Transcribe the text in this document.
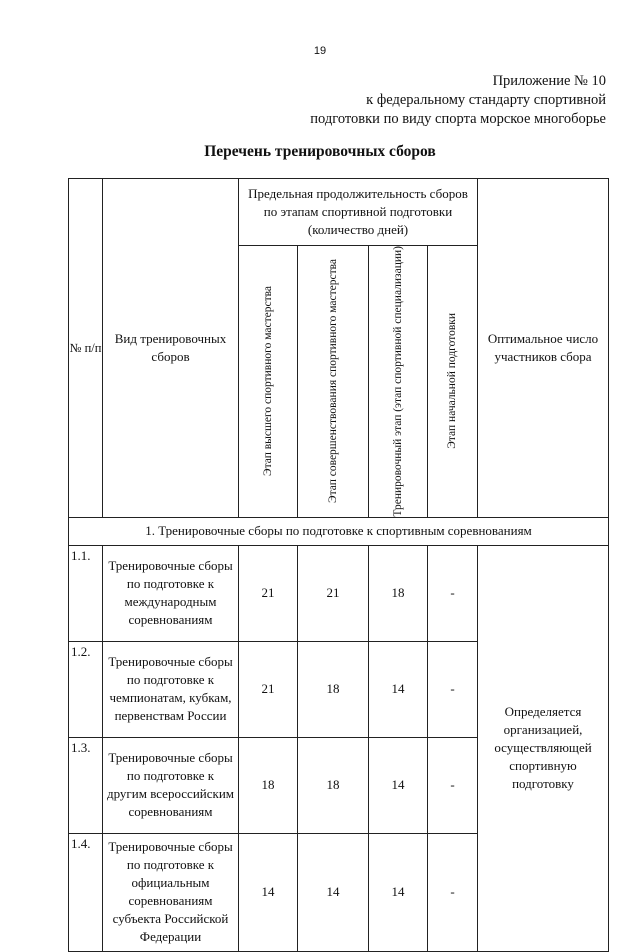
19
Приложение № 10
к федеральному стандарту спортивной
подготовки по виду спорта морское многоборье
Перечень тренировочных сборов
№ п/п	Вид тренировочных сборов	Предельная продолжительность сборов по этапам спортивной подготовки (количество дней)				Оптимальное число участников сбора

		Этап высшего спортивного мастерства	Этап совершенствования спортивного мастерства	Тренировочный этап (этап спортивной специализации)	Этап начальной подготовки	

1. Тренировочные сборы по подготовке к спортивным соревнованиям						

1.1.	Тренировочные сборы по подготовке к международным соревнованиям	21	21	18	-	Определяется организацией, осуществляющей спортивную подготовку

1.2.	Тренировочные сборы по подготовке к чемпионатам, кубкам, первенствам России	21	18	14	-	

1.3.	Тренировочные сборы по подготовке к другим всероссийским соревнованиям	18	18	14	-	

1.4.	Тренировочные сборы по подготовке к официальным соревнованиям субъекта Российской Федерации	14	14	14	-	
